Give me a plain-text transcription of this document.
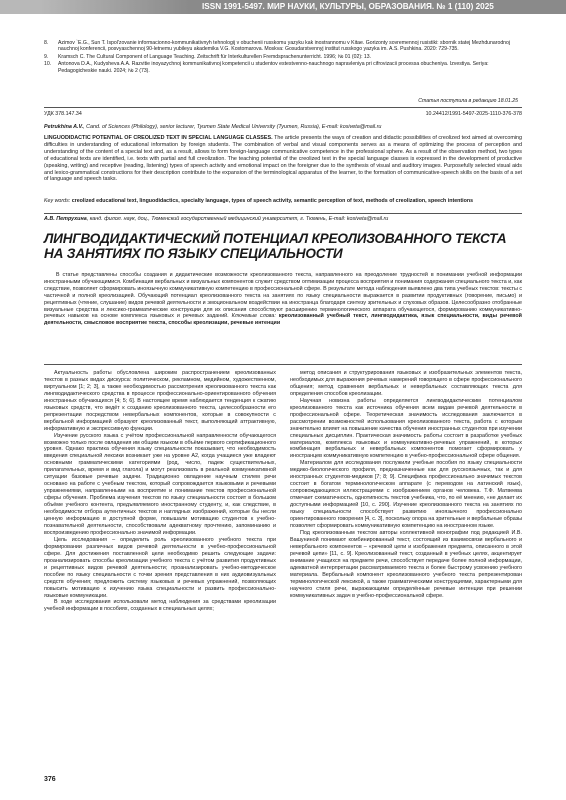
ISSN 1991-5497. МИР НАУКИ, КУЛЬТУРЫ, ОБРАЗОВАНИЯ. № 1 (110) 2025
8.	Azimov `E.G., Sun T. Ispol'zovanie informacionno-kommunikativnyh tehnologij v obuchenii russkomu yazyku kak inostrannomu v Kitae. Gorizonty sovremennoj rusistiki: sbornik statej Mezhdunarodnoj nauchnoj konferencii, posvyaschennoj 90-letnemu yubileyu akademika V.G. Kostomarova. Moskva: Gosudarstvennyj institut russkogo yazyka im. A.S. Pushkina. 2020: 729-735.
9.	Kramsch C. The Cultural Component of Language Teaching. Zeitschrift für Interkulturellen Fremdsprachenunterricht. 1996; № 01 (02): 13.
10.	Antonova D.A., Kudysheva A.A. Razvitie inoyazychnoj kommunikativnoj kompetencii u studentov estestvenno-nauchnogo napravleniya pri cifrovizacii processa obucheniya. Izvestiya. Seriya: Pedagogicheskie nauki. 2024; № 2 (73).
Статья поступила в редакцию 18.01.25
УДК 378.147.34	10.24412/1991-5497-2025-1110-376-378
Petrukhina A.V., Cand. of Sciences (Philology), senior lecturer, Tyumen State Medical University (Tyumen, Russia), E-mail: kosiveta@mail.ru
LINGUODIDACTIC POTENTIAL OF CREOLIZED TEXT IN SPECIAL LANGUAGE CLASSES. The article presents the ways of creation and didactic possibilities of creolized text aimed at overcoming difficulties in understanding of educational information by foreign students. The combination of verbal and visual components serves as a means of optimizing the process of perception and understanding of the content of a special text and, as a result, allows to form foreign-language communicative competence in the professional sphere. As a result of the observation method, two types of educational texts are identified, i.e. texts with partial and full creolization. The teaching potential of the creolized text in the special language classes is expressed in the development of productive (speaking, writing) and receptive (reading, listening) types of speech activity and emotional impact on the foreigner due to the synthesis of visual and auditory images. Purposefully selected visual aids and lexico-grammatical constructions for their description contribute to the expansion of the terminological apparatus of the learner, to the formation of communicative-speech skills on the basis of a set of language and speech tasks.
Key words: creolized educational text, linguodidactics, specialty language, types of speech activity, semantic perception of text, methods of creolization, speech intentions
А.В. Петрухина, канд. филол. наук, доц., Тюменский государственный медицинский университет, г. Тюмень, E-mail: kosiveta@mail.ru
ЛИНГВОДИДАКТИЧЕСКИЙ ПОТЕНЦИАЛ КРЕОЛИЗОВАННОГО ТЕКСТА НА ЗАНЯТИЯХ ПО ЯЗЫКУ СПЕЦИАЛЬНОСТИ
В статье представлены способы создания и дидактические возможности креолизованного текста, направленного на преодоление трудностей в понимании учебной информации иностранными обучающимися. Комбинация вербальных и визуальных компонентов служит средством оптимизации процесса восприятия и понимания содержания специального текста и, как следствие, позволяет сформировать иноязычную коммуникативную компетенцию в профессиональной сфере. В результате метода наблюдения выявлено два типа учебных текстов: тексты с частичной и полной креолизацией. Обучающий потенциал креолизованного текста на занятиях по языку специальности выражается в развитии продуктивных (говорение, письмо) и рецептивных (чтение, слушание) видов речевой деятельности и эмоциональном воздействии на иностранца благодаря синтезу зрительных и слуховых образов. Целесообразно отобранные визуальные средства и лексико-грамматические конструкции для их описания способствуют расширению терминологического аппарата обучающегося, формированию коммуникативно-речевых навыков на основе комплекса языковых и речевых заданий. Ключевые слова: креолизованный учебный текст, лингводидактика, язык специальности, виды речевой деятельности, смысловое восприятие текста, способы креолизации, речевые интенции

Актуальность работы обусловлена широким распространением креолизованных текстов в разных видах дискурса: политическом, рекламном, медийном, художественном, виртуальном [1; 2; 3], а также необходимостью рассмотрения креолизованного текста как лингводидактического средства в процессе профессионально-ориентированного обучения иностранных обучающихся [4; 5; 6]. В настоящее время наблюдается тенденция к сжатию языковых средств, что ведёт к созданию креолизованного текста, целесообразности его репрезентации посредством невербальных компонентов, которые в совокупности с вербальной информацией образуют креолизованный текст, выполняющий аттрактивную, информативную и экспрессивную функции.

Изучение русского языка с учётом профессиональной направленности обучающегося возможно только после овладения им общим языком в объёме первого сертификационного уровня. Однако практика обучения языку специальности показывает, что необходимость введения специальной лексики возникает уже на уровне А2, когда учащиеся уже владеют основными грамматическими категориями (род, число, падеж существительных, прилагательных, время и вид глагола) и могут реализовать в реальной коммуникативной ситуации базовые речевые задачи. Традиционно овладение научным стилем речи основано на работе с учебным текстом, который сопровождается языковыми и речевыми упражнениями, направленными на восприятие и понимание текстов профессиональной сферы обучения. Проблема изучения текстов по языку специальности состоит в большом объёме учебного контента, предъявляемого иностранному студенту, и, как следствие, в необходимости отбора аутентичных текстов и наглядных изображений, которые бы несли ценную информацию в доступной форме, повышали мотивацию студентов к учебно-познавательной деятельности, способствовали адекватному прочтению, запоминанию и воспроизведению профессионально значимой информации.

Цель исследования – определить роль креолизованного учебного текста при формировании различных видов речевой деятельности в учебно-профессиональной сфере. Для достижения поставленной цели необходимо решить следующие задачи: проанализировать способы креолизации учебного текста с учётом развития продуктивных и рецептивных видов речевой деятельности; проанализировать учебно-методическое пособие по языку специальности с точки зрения представления в них аудиовизуальных средств обучения; предложить систему языковых и речевых упражнений, позволяющих повысить мотивацию к изучению языка специальности и развить профессионально-языковые коммуникации.

В ходе исследования использовали метод наблюдения за средствами креолизации учебной информации в пособиях, созданных в специальных целях;

метод описания и структурирования языковых и изобразительных элементов текста, необходимых для выражения речевых намерений говорящего в сфере профессионального общения; метод сравнения вербальных и невербальных составляющих текста для определения способов креолизации.

Научная новизна работы определяется лингводидактическим потенциалом креолизованного текста как источника обучения всем видам речевой деятельности в профессиональной сфере. Теоретическая значимость исследования заключается в рассмотрении возможностей использования креолизованного текста, работа с которым значительно влияет на повышение качества обучения иностранных студентов при изучении специальных дисциплин. Практическая значимость работы состоит в разработке учебных материалов, комплекса языковых и коммуникативно-речевых упражнений, в которых комбинация вербальных и невербальных компонентов помогает сформировать у иностранцев коммуникативную компетенцию в учебно-профессиональной сфере общения.

Материалом для исследования послужили учебные пособия по языку специальности медико-биологического профиля, предназначенные как для русскоязычных, так и для иностранных студентов-медиков [7; 8; 9]. Специфика профессионально значимых текстов состоит в богатом терминологическом аппарате (с переводом на латинский язык), сопровождающихся иллюстрациями с изображением органов человека. Т.Ф. Матвеева отмечает схематичность, однотипность текстов учебника, что, по её мнению, «не делает их доступными информацией [10, с. 290]. Изучение креолизованного текста на занятиях по языку специальности способствует развитию иноязычного профессионально ориентированного говорения [4, с. 3], поскольку опора на зрительные и вербальные образы позволяет сформировать коммуникативную компетенцию на иностранном языке.

Под креолизованным текстом авторы коллективной монографии под редакцией И.В. Вашуниной понимают комбинированный текст, состоящий из взаимосвязи вербального и невербального компонентов – «речевой цепи и изображения предмета, описанного в этой речевой цепи» [11, с. 9]. Креолизованный текст, созданный в учебных целях, акцентирует внимание учащихся на предмете речи, способствует передаче более полной информации, адекватной интерпретации рассматриваемого текста и более быстрому усвоению учебного материала. Вербальный компонент креолизованного учебного текста репрезентирован терминологической лексикой, а также грамматическими конструкциями, характерными для научного стиля речи, выражающими определённые речевые интенции при решении коммуникативных задач в учебно-профессиональной сфере.

376
